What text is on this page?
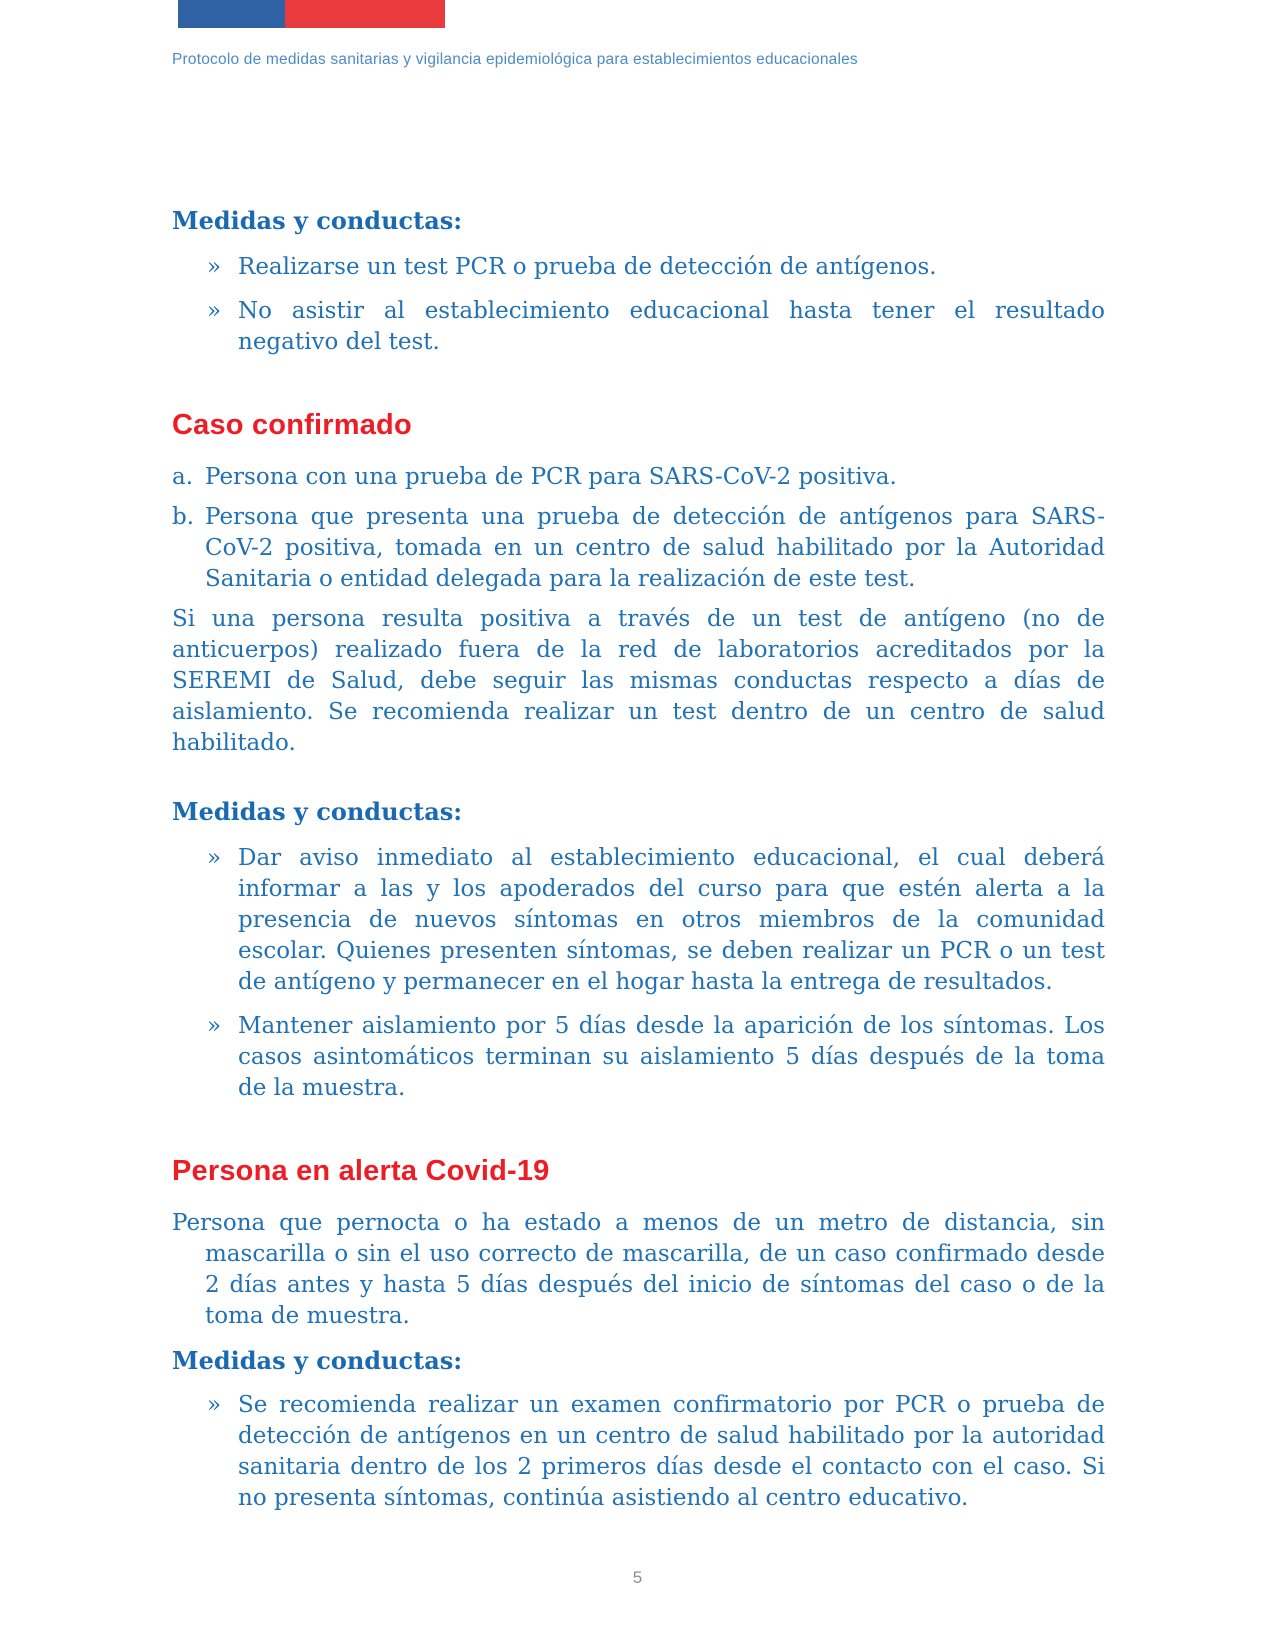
Protocolo de medidas sanitarias y vigilancia epidemiológica para establecimientos educacionales
Medidas y conductas:
» Realizarse un test PCR o prueba de detección de antígenos.

» No asistir al establecimiento educacional hasta tener el resultado negativo del test.

Caso confirmado
a. Persona con una prueba de PCR para SARS-CoV-2 positiva.

b. Persona que presenta una prueba de detección de antígenos para SARS-CoV-2 positiva, tomada en un centro de salud habilitado por la Autoridad Sanitaria o entidad delegada para la realización de este test.

Si una persona resulta positiva a través de un test de antígeno (no de anticuerpos) realizado fuera de la red de laboratorios acreditados por la SEREMI de Salud, debe seguir las mismas conductas respecto a días de aislamiento. Se recomienda realizar un test dentro de un centro de salud habilitado.

Medidas y conductas:
» Dar aviso inmediato al establecimiento educacional, el cual deberá informar a las y los apoderados del curso para que estén alerta a la presencia de nuevos síntomas en otros miembros de la comunidad escolar. Quienes presenten síntomas, se deben realizar un PCR o un test de antígeno y permanecer en el hogar hasta la entrega de resultados.

» Mantener aislamiento por 5 días desde la aparición de los síntomas. Los casos asintomáticos terminan su aislamiento 5 días después de la toma de la muestra.

Persona en alerta Covid-19

Persona que pernocta o ha estado a menos de un metro de distancia, sin mascarilla o sin el uso correcto de mascarilla, de un caso confirmado desde 2 días antes y hasta 5 días después del inicio de síntomas del caso o de la toma de muestra.

Medidas y conductas:
» Se recomienda realizar un examen confirmatorio por PCR o prueba de detección de antígenos en un centro de salud habilitado por la autoridad sanitaria dentro de los 2 primeros días desde el contacto con el caso. Si no presenta síntomas, continúa asistiendo al centro educativo.

5
